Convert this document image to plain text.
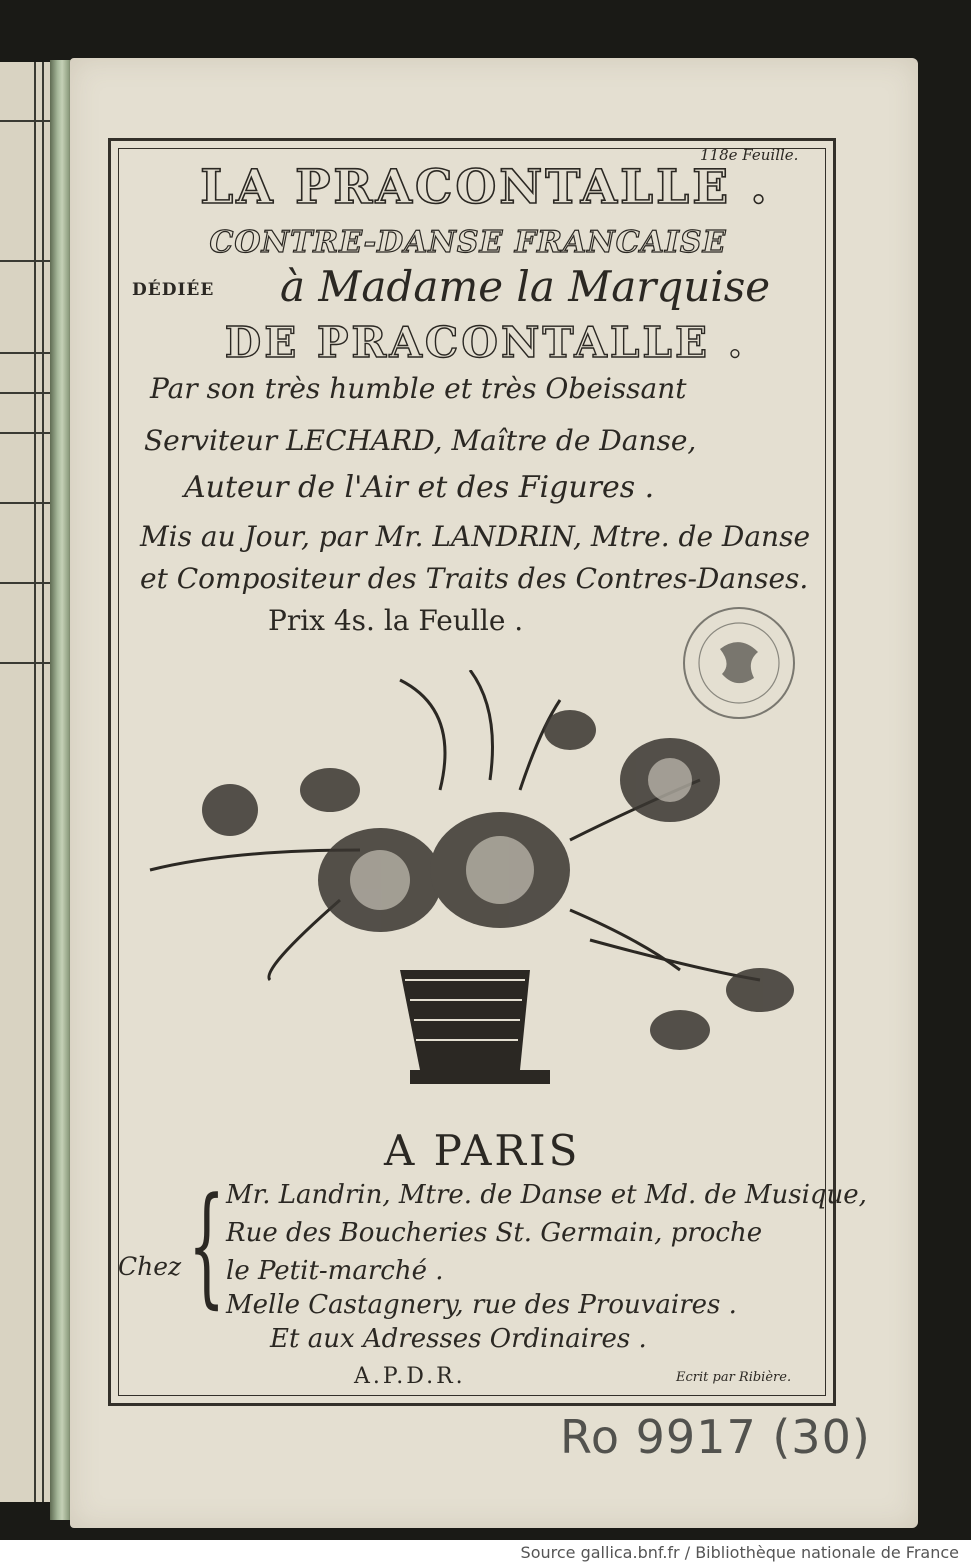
118e Feuille.
LA PRACONTALLE .
CONTRE-DANSE FRANCAISE
DÉDIÉE à Madame la Marquise
DE PRACONTALLE .
Par son très humble et très Obeissant
Serviteur LECHARD, Maître de Danse,
Auteur de l'Air et des Figures .
Mis au Jour, par Mr. LANDRIN, Mtre. de Danse
et Compositeur des Traits des Contres-Danses.
Prix 4s. la Feulle .
A PARIS
Chez { Mr. Landrin, Mtre. de Danse et Md. de Musique,
Rue des Boucheries St. Germain, proche
le Petit-marché .
Melle Castagnery, rue des Prouvaires .
Et aux Adresses Ordinaires .
A.P.D.R.	Ecrit par Ribière.
Ro 9917 (30)
Source gallica.bnf.fr / Bibliothèque nationale de France
